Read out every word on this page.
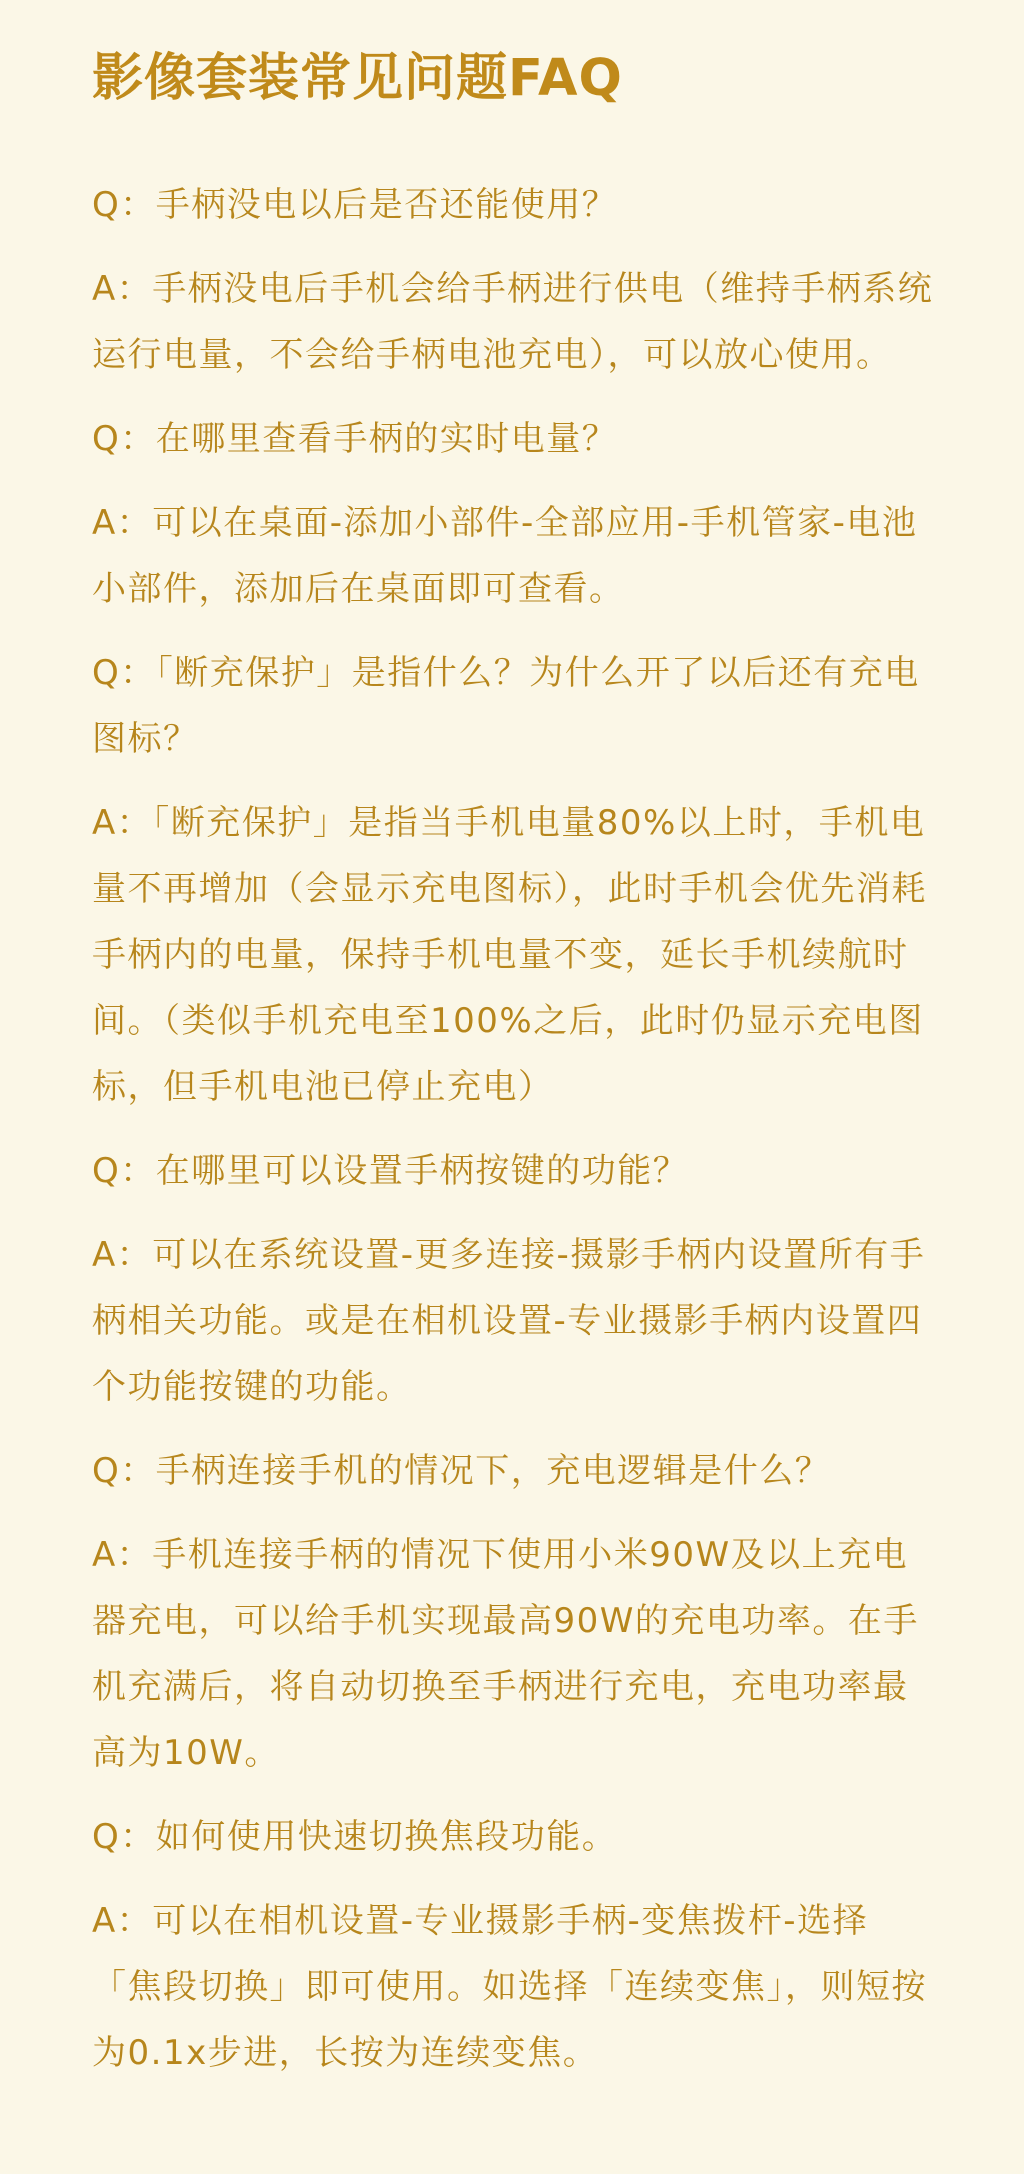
影像套装常见问题FAQ

Q：手柄没电以后是否还能使用？

A：手柄没电后手机会给手柄进行供电（维持手柄系统运行电量，不会给手柄电池充电），可以放心使用。

Q：在哪里查看手柄的实时电量？

A：可以在桌面-添加小部件-全部应用-手机管家-电池小部件，添加后在桌面即可查看。

Q：「断充保护」是指什么？为什么开了以后还有充电图标？

A：「断充保护」是指当手机电量80%以上时，手机电量不再增加（会显示充电图标），此时手机会优先消耗手柄内的电量，保持手机电量不变，延长手机续航时间。（类似手机充电至100%之后，此时仍显示充电图标，但手机电池已停止充电）

Q：在哪里可以设置手柄按键的功能？

A：可以在系统设置-更多连接-摄影手柄内设置所有手柄相关功能。或是在相机设置-专业摄影手柄内设置四个功能按键的功能。

Q：手柄连接手机的情况下，充电逻辑是什么？

A：手机连接手柄的情况下使用小米90W及以上充电器充电，可以给手机实现最高90W的充电功率。在手机充满后，将自动切换至手柄进行充电，充电功率最高为10W。

Q：如何使用快速切换焦段功能。

A：可以在相机设置-专业摄影手柄-变焦拨杆-选择「焦段切换」即可使用。如选择「连续变焦」，则短按为0.1x步进，长按为连续变焦。
